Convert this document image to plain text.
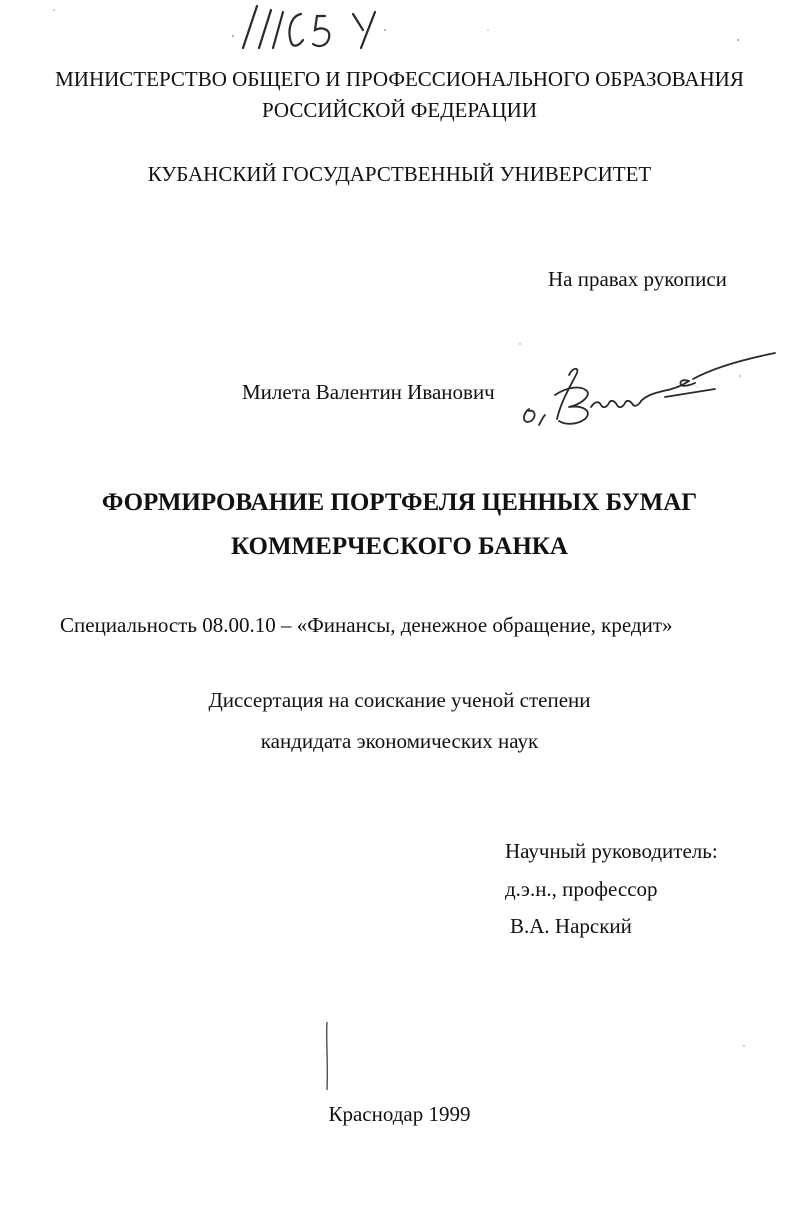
МИНИСТЕРСТВО ОБЩЕГО И ПРОФЕССИОНАЛЬНОГО ОБРАЗОВАНИЯ
РОССИЙСКОЙ ФЕДЕРАЦИИ
КУБАНСКИЙ ГОСУДАРСТВЕННЫЙ УНИВЕРСИТЕТ
На правах рукописи
Милета Валентин Иванович
ФОРМИРОВАНИЕ ПОРТФЕЛЯ ЦЕННЫХ БУМАГ
КОММЕРЧЕСКОГО БАНКА
Специальность 08.00.10 – «Финансы, денежное обращение, кредит»
Диссертация на соискание ученой степени
кандидата экономических наук
Научный руководитель:
д.э.н., профессор
В.А. Нарский
Краснодар 1999
